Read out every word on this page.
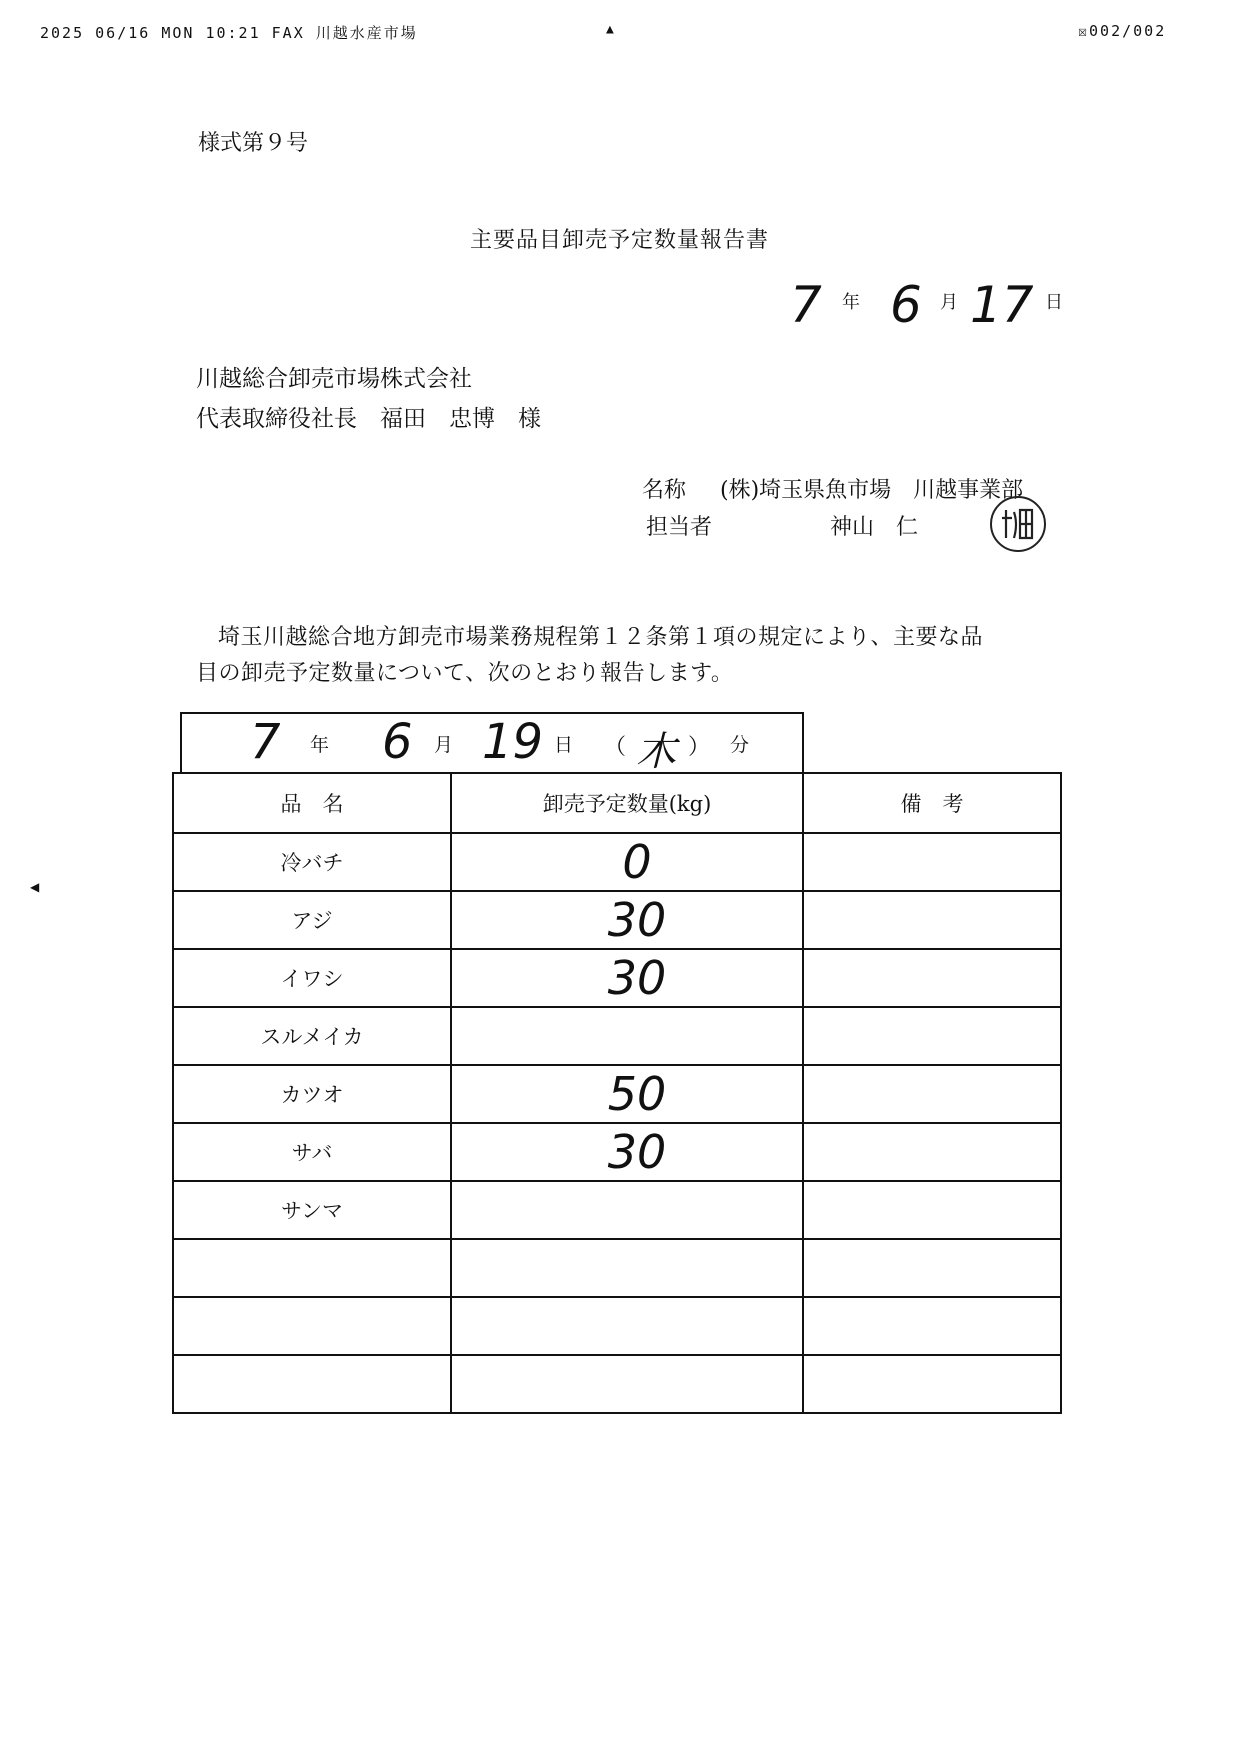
2025 06/16 MON 10:21 FAX 川越水産市場	▲	☒002/002
◀
様式第９号
主要品目卸売予定数量報告書
7 年 6 月 17 日
川越総合卸売市場株式会社
代表取締役社長　福田　忠博　様
名称 (株)埼玉県魚市場　川越事業部
担当者	神山　仁
埼玉川越総合地方卸売市場業務規程第１２条第１項の規定により、主要な品
目の卸売予定数量について、次のとおり報告します。
7 年 6 月 19 日 （ 木 ） 分
品　名	卸売予定数量(kg)	備　考
冷バチ	0	
アジ	30	
イワシ	30	
スルメイカ		
カツオ	50	
サバ	30	
サンマ		
